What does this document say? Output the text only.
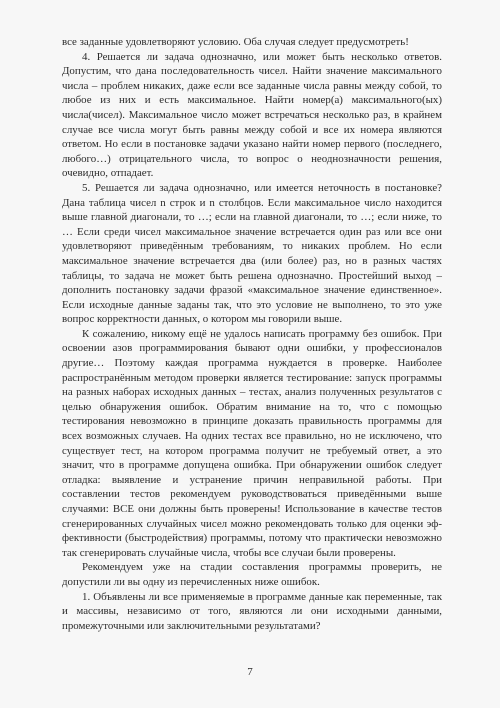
все заданные удовлетворяют условию. Оба случая следует предусмотреть!

4. Решается ли задача однозначно, или может быть несколько ответов. Допустим, что дана последовательность чисел. Найти значение максимального числа – проблем никаких, даже если все заданные числа равны между собой, то любое из них и есть максимальное. Найти номер(а) максимального(ых) числа(чисел). Максимальное число может встречаться несколько раз, в крайнем случае все числа могут быть равны между собой и все их номера являются ответом. Но если в постановке задачи указано найти номер первого (последнего, любого…) отрицательного числа, то вопрос о неоднозначности решения, очевидно, отпадает.

5. Решается ли задача однозначно, или имеется неточность в постановке? Дана таблица чисел n строк и n столбцов. Если максимальное число находится выше главной диагонали, то …; если на главной диагонали, то …; если ниже, то … Если среди чисел максимальное значение встречается один раз или все они удовлетворяют приведённым требованиям, то никаких проблем. Но если максимальное значение встречается два (или более) раз, но в разных частях таблицы, то задача не может быть решена однозначно. Простейший выход – дополнить постановку задачи фразой «максимальное значение единственное». Если исходные данные заданы так, что это условие не выполнено, то это уже вопрос корректности данных, о котором мы говорили выше.

К сожалению, никому ещё не удалось написать программу без ошибок. При освоении азов программирования бывают одни ошибки, у профессионалов другие… Поэтому каждая программа нуждается в проверке. Наиболее распространённым методом проверки является тестирование: запуск программы на разных наборах исходных данных – тестах, анализ полученных результатов с целью обнаружения ошибок. Обратим внимание на то, что с помощью тестирования невозможно в принципе доказать правильность программы для всех возможных случаев. На одних тестах все правильно, но не исключено, что существует тест, на котором программа получит не требуемый ответ, а это значит, что в программе допущена ошибка. При обнаружении ошибок следует отладка: выявление и устранение причин неправильной работы. При составлении тестов рекомендуем руководствоваться приведёнными выше случаями: ВСЕ они должны быть проверены! Использование в качестве тестов сгенерированных случайных чисел можно рекомендовать только для оценки эффективности (быстродействия) программы, потому что практически невозможно так сгенерировать случайные числа, чтобы все случаи были проверены.

Рекомендуем уже на стадии составления программы проверить, не допустили ли вы одну из перечисленных ниже ошибок.

1. Объявлены ли все применяемые в программе данные как переменные, так и массивы, независимо от того, являются ли они исходными данными, промежуточными или заключительными результатами?

7
